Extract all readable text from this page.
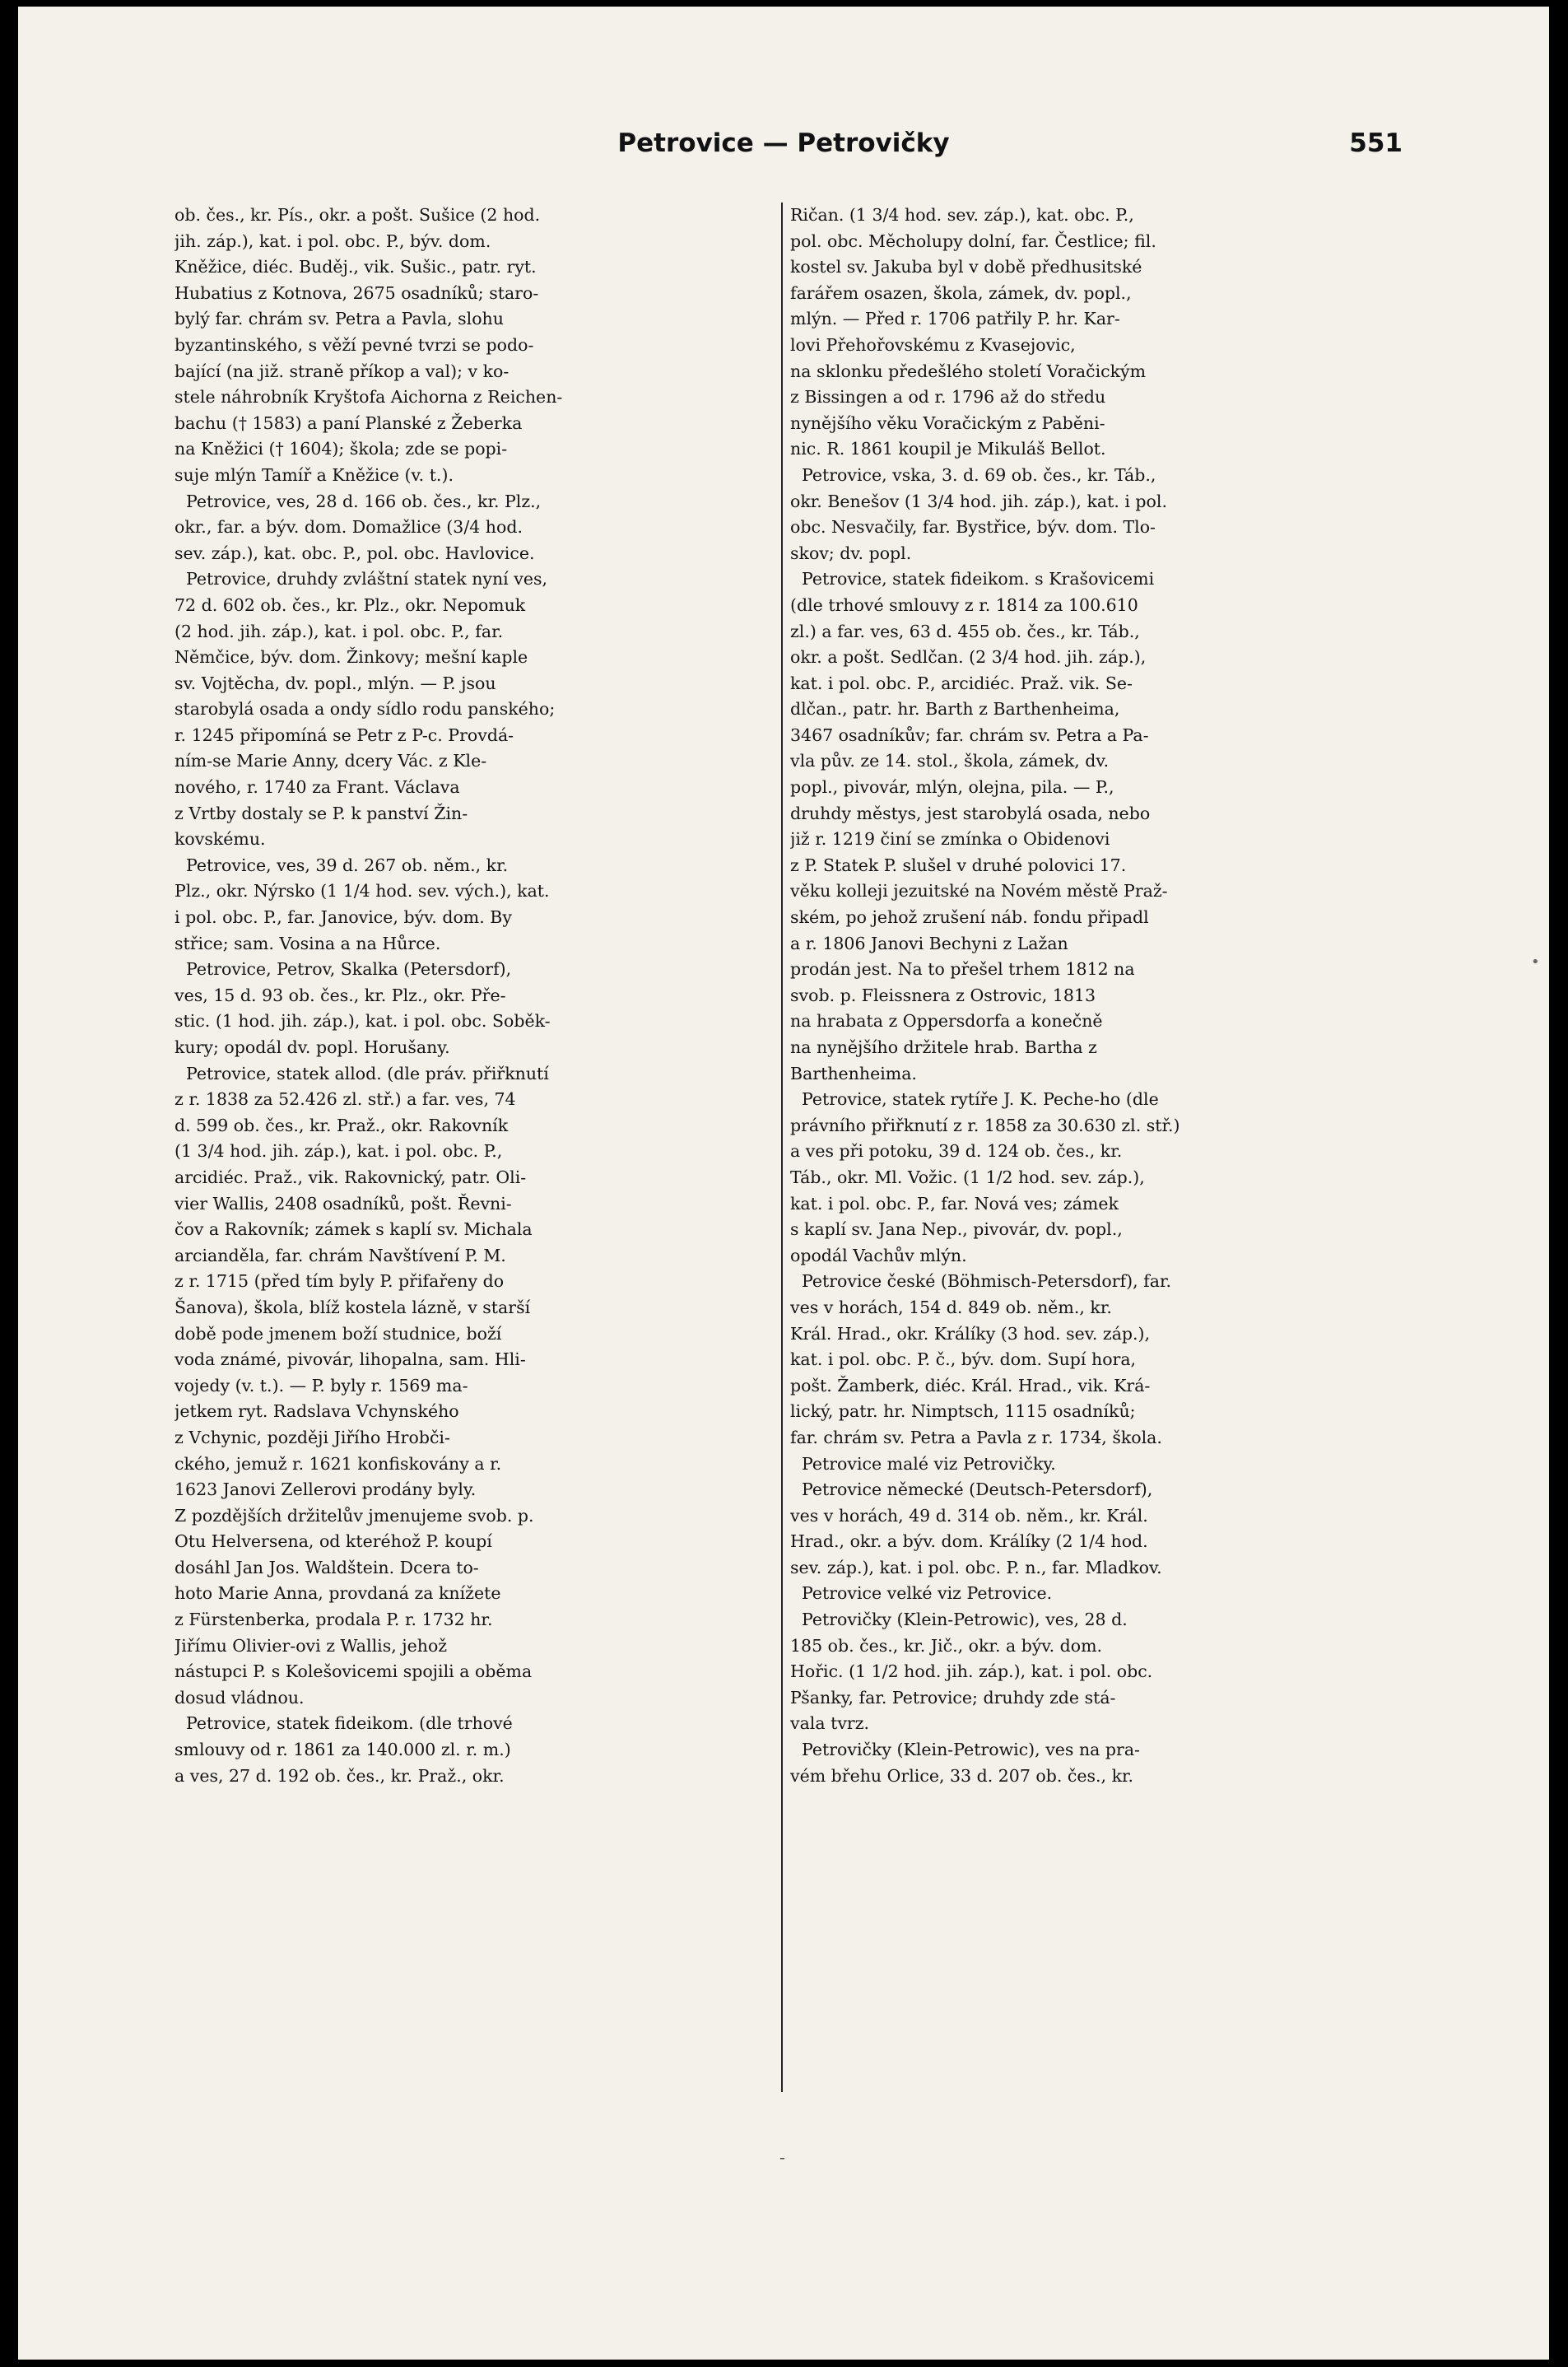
Petrovice — Petrovičky	551
ob. čes., kr. Pís., okr. a pošt. Sušice (2 hod.
jih. záp.), kat. i pol. obc. P., býv. dom.
Kněžice, diéc. Buděj., vik. Sušic., patr. ryt.
Hubatius z Kotnova, 2675 osadníků; staro-
bylý far. chrám sv. Petra a Pavla, slohu
byzantinského, s věží pevné tvrzi se podo-
bající (na již. straně příkop a val); v ko-
stele náhrobník Kryštofa Aichorna z Reichen-
bachu († 1583) a paní Planské z Žeberka
na Kněžici († 1604); škola; zde se popi-
suje mlýn Tamíř a Kněžice (v. t.).
Petrovice, ves, 28 d. 166 ob. čes., kr. Plz.,
okr., far. a býv. dom. Domažlice (3/4 hod.
sev. záp.), kat. obc. P., pol. obc. Havlovice.
Petrovice, druhdy zvláštní statek nyní ves,
72 d. 602 ob. čes., kr. Plz., okr. Nepomuk
(2 hod. jih. záp.), kat. i pol. obc. P., far.
Němčice, býv. dom. Žinkovy; mešní kaple
sv. Vojtěcha, dv. popl., mlýn. — P. jsou
starobylá osada a ondy sídlo rodu panského;
r. 1245 připomíná se Petr z P-c. Provdá-
ním-se Marie Anny, dcery Vác. z Kle-
nového, r. 1740 za Frant. Václava
z Vrtby dostaly se P. k panství Žin-
kovskému.
Petrovice, ves, 39 d. 267 ob. něm., kr.
Plz., okr. Nýrsko (1 1/4 hod. sev. vých.), kat.
i pol. obc. P., far. Janovice, býv. dom. By
střice; sam. Vosina a na Hůrce.
Petrovice, Petrov, Skalka (Petersdorf),
ves, 15 d. 93 ob. čes., kr. Plz., okr. Pře-
stic. (1 hod. jih. záp.), kat. i pol. obc. Soběk-
kury; opodál dv. popl. Horušany.
Petrovice, statek allod. (dle práv. přiřknutí
z r. 1838 za 52.426 zl. stř.) a far. ves, 74
d. 599 ob. čes., kr. Praž., okr. Rakovník
(1 3/4 hod. jih. záp.), kat. i pol. obc. P.,
arcidiéc. Praž., vik. Rakovnický, patr. Oli-
vier Wallis, 2408 osadníků, pošt. Řevni-
čov a Rakovník; zámek s kaplí sv. Michala
arcianděla, far. chrám Navštívení P. M.
z r. 1715 (před tím byly P. přifařeny do
Šanova), škola, blíž kostela lázně, v starší
době pode jmenem boží studnice, boží
voda známé, pivovár, lihopalna, sam. Hli-
vojedy (v. t.). — P. byly r. 1569 ma-
jetkem ryt. Radslava Vchynského
z Vchynic, později Jiřího Hrobči-
ckého, jemuž r. 1621 konfiskovány a r.
1623 Janovi Zellerovi prodány byly.
Z pozdějších držitelův jmenujeme svob. p.
Otu Helversena, od kteréhož P. koupí
dosáhl Jan Jos. Waldštein. Dcera to-
hoto Marie Anna, provdaná za knížete
z Fürstenberka, prodala P. r. 1732 hr.
Jiřímu Olivier-ovi z Wallis, jehož
nástupci P. s Kolešovicemi spojili a oběma
dosud vládnou.
Petrovice, statek fideikom. (dle trhové
smlouvy od r. 1861 za 140.000 zl. r. m.)
a ves, 27 d. 192 ob. čes., kr. Praž., okr.
Ričan. (1 3/4 hod. sev. záp.), kat. obc. P.,
pol. obc. Měcholupy dolní, far. Čestlice; fil.
kostel sv. Jakuba byl v době předhusitské
farářem osazen, škola, zámek, dv. popl.,
mlýn. — Před r. 1706 patřily P. hr. Kar-
lovi Přehořovskému z Kvasejovic,
na sklonku předešlého století Voračickým
z Bissingen a od r. 1796 až do středu
nynějšího věku Voračickým z Paběni-
nic. R. 1861 koupil je Mikuláš Bellot.
Petrovice, vska, 3. d. 69 ob. čes., kr. Táb.,
okr. Benešov (1 3/4 hod. jih. záp.), kat. i pol.
obc. Nesvačily, far. Bystřice, býv. dom. Tlo-
skov; dv. popl.
Petrovice, statek fideikom. s Krašovicemi
(dle trhové smlouvy z r. 1814 za 100.610
zl.) a far. ves, 63 d. 455 ob. čes., kr. Táb.,
okr. a pošt. Sedlčan. (2 3/4 hod. jih. záp.),
kat. i pol. obc. P., arcidiéc. Praž. vik. Se-
dlčan., patr. hr. Barth z Barthenheima,
3467 osadníkův; far. chrám sv. Petra a Pa-
vla pův. ze 14. stol., škola, zámek, dv.
popl., pivovár, mlýn, olejna, pila. — P.,
druhdy městys, jest starobylá osada, nebo
již r. 1219 činí se zmínka o Obidenovi
z P. Statek P. slušel v druhé polovici 17.
věku kolleji jezuitské na Novém městě Praž-
ském, po jehož zrušení náb. fondu připadl
a r. 1806 Janovi Bechyni z Lažan
prodán jest. Na to přešel trhem 1812 na
svob. p. Fleissnera z Ostrovic, 1813
na hrabata z Oppersdorfa a konečně
na nynějšího držitele hrab. Bartha z
Barthenheima.
Petrovice, statek rytíře J. K. Peche-ho (dle
právního přiřknutí z r. 1858 za 30.630 zl. stř.)
a ves při potoku, 39 d. 124 ob. čes., kr.
Táb., okr. Ml. Vožic. (1 1/2 hod. sev. záp.),
kat. i pol. obc. P., far. Nová ves; zámek
s kaplí sv. Jana Nep., pivovár, dv. popl.,
opodál Vachův mlýn.
Petrovice české (Böhmisch-Petersdorf), far.
ves v horách, 154 d. 849 ob. něm., kr.
Král. Hrad., okr. Králíky (3 hod. sev. záp.),
kat. i pol. obc. P. č., býv. dom. Supí hora,
pošt. Žamberk, diéc. Král. Hrad., vik. Krá-
lický, patr. hr. Nimptsch, 1115 osadníků;
far. chrám sv. Petra a Pavla z r. 1734, škola.
Petrovice malé viz Petrovičky.
Petrovice německé (Deutsch-Petersdorf),
ves v horách, 49 d. 314 ob. něm., kr. Král.
Hrad., okr. a býv. dom. Králíky (2 1/4 hod.
sev. záp.), kat. i pol. obc. P. n., far. Mladkov.
Petrovice velké viz Petrovice.
Petrovičky (Klein-Petrowic), ves, 28 d.
185 ob. čes., kr. Jič., okr. a býv. dom.
Hořic. (1 1/2 hod. jih. záp.), kat. i pol. obc.
Pšanky, far. Petrovice; druhdy zde stá-
vala tvrz.
Petrovičky (Klein-Petrowic), ves na pra-
vém břehu Orlice, 33 d. 207 ob. čes., kr.
-
•
